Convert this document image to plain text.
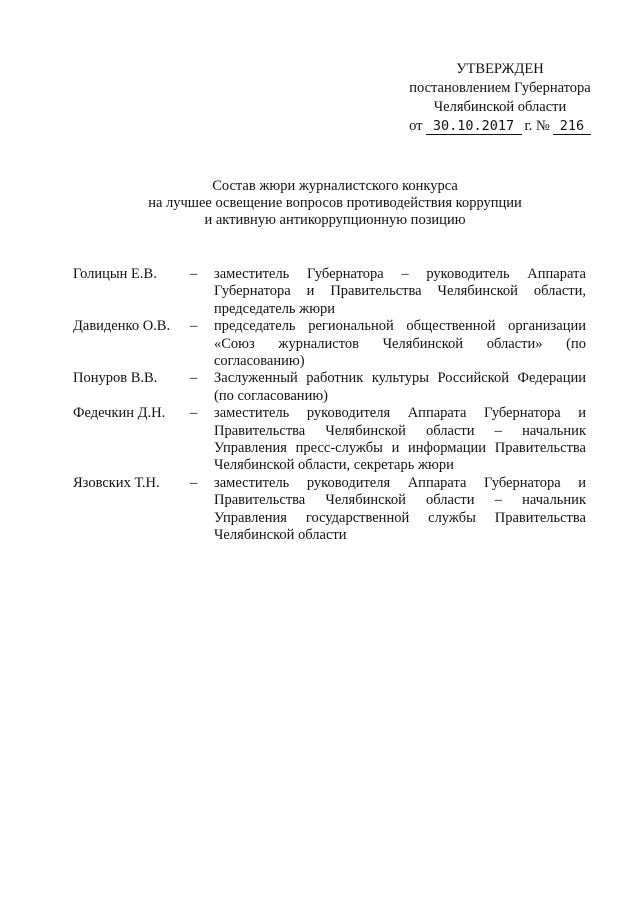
УТВЕРЖДЕН
постановлением Губернатора
Челябинской области
от 30.10.2017 г. № 216
Состав жюри журналистского конкурса
на лучшее освещение вопросов противодействия коррупции
и активную антикоррупционную позицию
Голицын Е.В.	–	заместитель Губернатора – руководитель Аппарата Губернатора и Правительства Челябинской области, председатель жюри
Давиденко О.В.	–	председатель региональной общественной организации «Союз журналистов Челябинской области» (по согласованию)
Понуров В.В.	–	Заслуженный работник культуры Российской Федерации (по согласованию)
Федечкин Д.Н.	–	заместитель руководителя Аппарата Губернатора и Правительства Челябинской области – начальник Управления пресс-службы и информации Правительства Челябинской области, секретарь жюри
Язовских Т.Н.	–	заместитель руководителя Аппарата Губернатора и Правительства Челябинской области – начальник Управления государственной службы Правительства Челябинской области
